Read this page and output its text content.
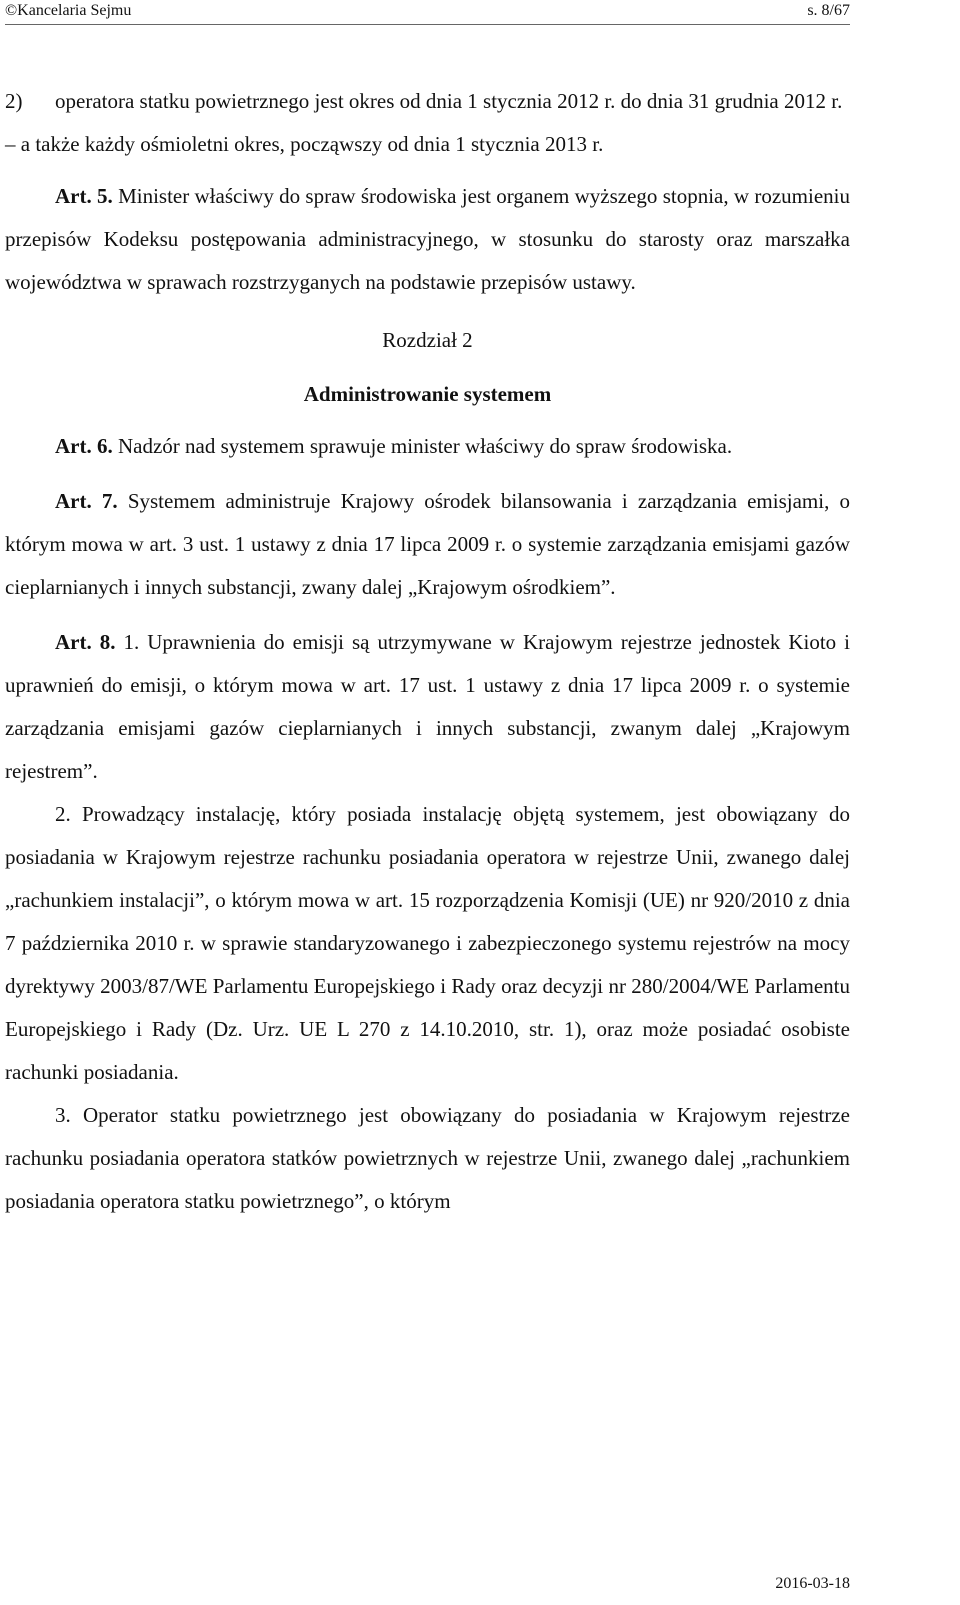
©Kancelaria Sejmu	s. 8/67

2) operatora statku powietrznego jest okres od dnia 1 stycznia 2012 r. do dnia 31 grudnia 2012 r.

– a także każdy ośmioletni okres, począwszy od dnia 1 stycznia 2013 r.

Art. 5. Minister właściwy do spraw środowiska jest organem wyższego stopnia, w rozumieniu przepisów Kodeksu postępowania administracyjnego, w stosunku do starosty oraz marszałka województwa w sprawach rozstrzyganych na podstawie przepisów ustawy.

Rozdział 2

Administrowanie systemem

Art. 6. Nadzór nad systemem sprawuje minister właściwy do spraw środowiska.

Art. 7. Systemem administruje Krajowy ośrodek bilansowania i zarządzania emisjami, o którym mowa w art. 3 ust. 1 ustawy z dnia 17 lipca 2009 r. o systemie zarządzania emisjami gazów cieplarnianych i innych substancji, zwany dalej „Krajowym ośrodkiem”.

Art. 8. 1. Uprawnienia do emisji są utrzymywane w Krajowym rejestrze jednostek Kioto i uprawnień do emisji, o którym mowa w art. 17 ust. 1 ustawy z dnia 17 lipca 2009 r. o systemie zarządzania emisjami gazów cieplarnianych i innych substancji, zwanym dalej „Krajowym rejestrem”.

2. Prowadzący instalację, który posiada instalację objętą systemem, jest obowiązany do posiadania w Krajowym rejestrze rachunku posiadania operatora w rejestrze Unii, zwanego dalej „rachunkiem instalacji”, o którym mowa w art. 15 rozporządzenia Komisji (UE) nr 920/2010 z dnia 7 października 2010 r. w sprawie standaryzowanego i zabezpieczonego systemu rejestrów na mocy dyrektywy 2003/87/WE Parlamentu Europejskiego i Rady oraz decyzji nr 280/2004/WE Parlamentu Europejskiego i Rady (Dz. Urz. UE L 270 z 14.10.2010, str. 1), oraz może posiadać osobiste rachunki posiadania.

3. Operator statku powietrznego jest obowiązany do posiadania w Krajowym rejestrze rachunku posiadania operatora statków powietrznych w rejestrze Unii, zwanego dalej „rachunkiem posiadania operatora statku powietrznego”, o którym

2016-03-18
